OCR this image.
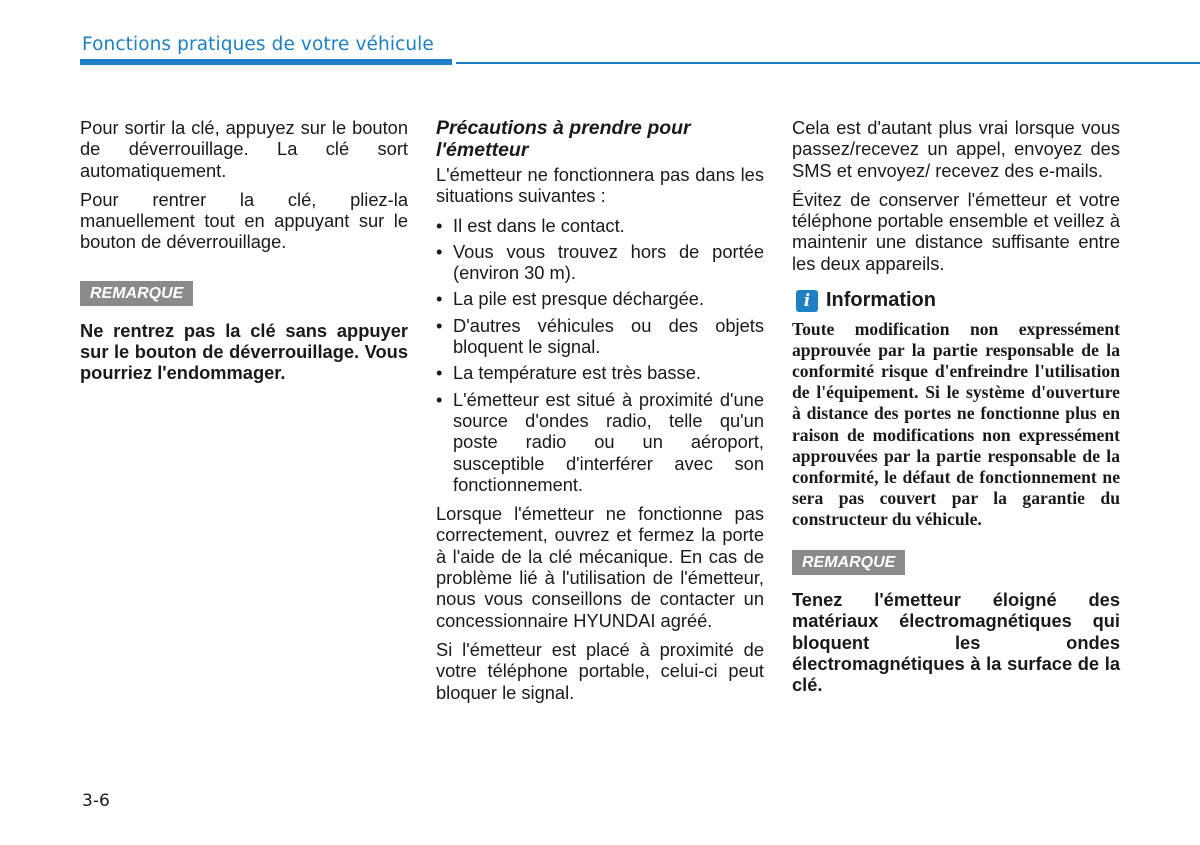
Fonctions pratiques de votre véhicule

Pour sortir la clé, appuyez sur le bouton de déverrouillage. La clé sort automatiquement.

Pour rentrer la clé, pliez-la manuellement tout en appuyant sur le bouton de déverrouillage.

REMARQUE

Ne rentrez pas la clé sans appuyer sur le bouton de déverrouillage. Vous pourriez l'endommager.

Précautions à prendre pour l'émetteur

L'émetteur ne fonctionnera pas dans les situations suivantes :

• Il est dans le contact.
• Vous vous trouvez hors de portée (environ 30 m).
• La pile est presque déchargée.
• D'autres véhicules ou des objets bloquent le signal.
• La température est très basse.
• L'émetteur est situé à proximité d'une source d'ondes radio, telle qu'un poste radio ou un aéroport, susceptible d'interférer avec son fonctionnement.

Lorsque l'émetteur ne fonctionne pas correctement, ouvrez et fermez la porte à l'aide de la clé mécanique. En cas de problème lié à l'utilisation de l'émetteur, nous vous conseillons de contacter un concessionnaire HYUNDAI agréé.

Si l'émetteur est placé à proximité de votre téléphone portable, celui-ci peut bloquer le signal.

Cela est d'autant plus vrai lorsque vous passez/recevez un appel, envoyez des SMS et envoyez/ recevez des e-mails.

Évitez de conserver l'émetteur et votre téléphone portable ensemble et veillez à maintenir une distance suffisante entre les deux appareils.

i Information
Toute modification non expressément approuvée par la partie responsable de la conformité risque d'enfreindre l'utilisation de l'équipement. Si le système d'ouverture à distance des portes ne fonctionne plus en raison de modifications non expressément approuvées par la partie responsable de la conformité, le défaut de fonctionnement ne sera pas couvert par la garantie du constructeur du véhicule.
REMARQUE

Tenez l'émetteur éloigné des matériaux électromagnétiques qui bloquent les ondes électromagnétiques à la surface de la clé.

3-6
